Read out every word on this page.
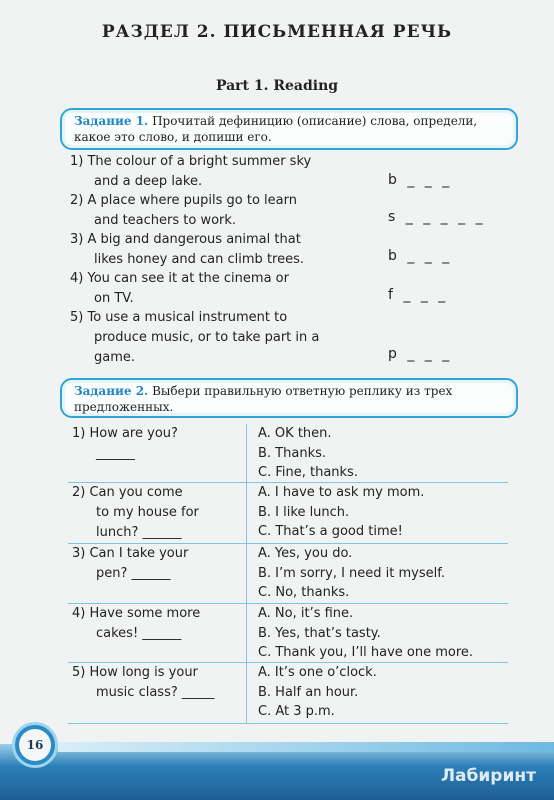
РАЗДЕЛ 2. ПИСЬМЕННАЯ РЕЧЬ
Part 1. Reading
Задание 1. Прочитай дефиницию (описание) слова, определи, какое это слово, и допиши его.
1) The colour of a bright summer sky
and a deep lake.	b _ _ _
2) A place where pupils go to learn
and teachers to work.	s _ _ _ _ _
3) A big and dangerous animal that
likes honey and can climb trees.	b _ _ _
4) You can see it at the cinema or
on TV.	f _ _ _
5) To use a musical instrument to
produce music, or to take part in a
game.	p _ _ _
Задание 2. Выбери правильную ответную реплику из трех предложенных.
1) How are you?
______
A. OK then.
B. Thanks.
C. Fine, thanks.
2) Can you come
to my house for
lunch? ______
A. I have to ask my mom.
B. I like lunch.
C. That’s a good time!
3) Can I take your
pen? ______
A. Yes, you do.
B. I’m sorry, I need it myself.
C. No, thanks.
4) Have some more
cakes! ______
A. No, it’s fine.
B. Yes, that’s tasty.
C. Thank you, I’ll have one more.
5) How long is your
music class? _____
A. It’s one o’clock.
B. Half an hour.
C. At 3 p.m.
16
Лабиринт
